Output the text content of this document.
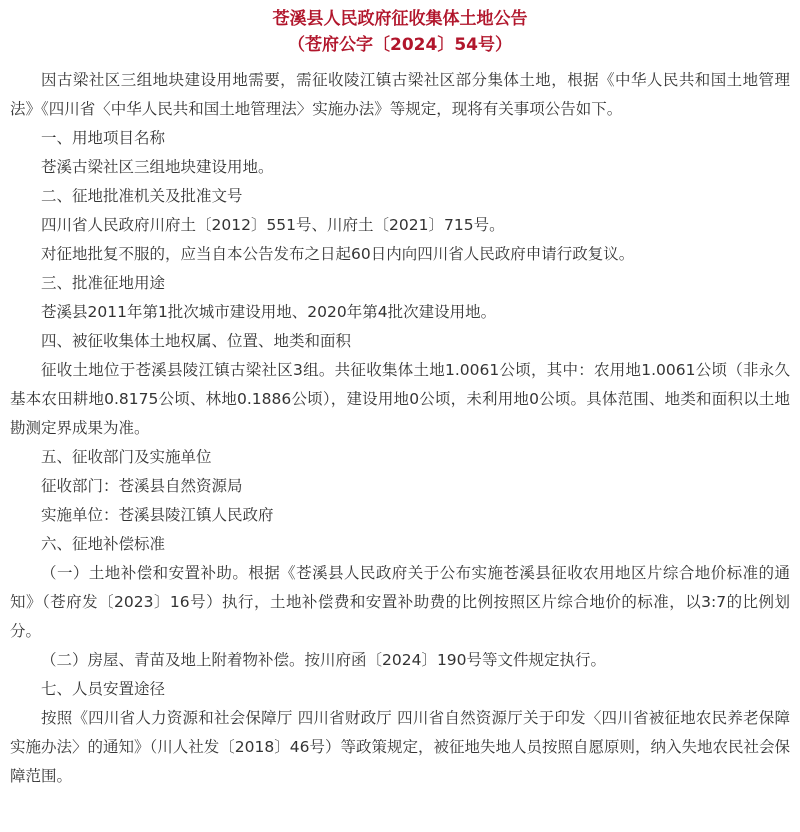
苍溪县人民政府征收集体土地公告
（苍府公字〔2024〕54号）

因古梁社区三组地块建设用地需要，需征收陵江镇古梁社区部分集体土地，根据《中华人民共和国土地管理法》《四川省〈中华人民共和国土地管理法〉实施办法》等规定，现将有关事项公告如下。

一、用地项目名称

苍溪古梁社区三组地块建设用地。

二、征地批准机关及批准文号

四川省人民政府川府土〔2012〕551号、川府土〔2021〕715号。

对征地批复不服的，应当自本公告发布之日起60日内向四川省人民政府申请行政复议。

三、批准征地用途

苍溪县2011年第1批次城市建设用地、2020年第4批次建设用地。

四、被征收集体土地权属、位置、地类和面积

征收土地位于苍溪县陵江镇古梁社区3组。共征收集体土地1.0061公顷，其中：农用地1.0061公顷（非永久基本农田耕地0.8175公顷、林地0.1886公顷），建设用地0公顷，未利用地0公顷。具体范围、地类和面积以土地勘测定界成果为准。

五、征收部门及实施单位

征收部门：苍溪县自然资源局

实施单位：苍溪县陵江镇人民政府

六、征地补偿标准

（一）土地补偿和安置补助。根据《苍溪县人民政府关于公布实施苍溪县征收农用地区片综合地价标准的通知》（苍府发〔2023〕16号）执行，土地补偿费和安置补助费的比例按照区片综合地价的标准，以3:7的比例划分。

（二）房屋、青苗及地上附着物补偿。按川府函〔2024〕190号等文件规定执行。

七、人员安置途径

按照《四川省人力资源和社会保障厅 四川省财政厅 四川省自然资源厅关于印发〈四川省被征地农民养老保障实施办法〉的通知》（川人社发〔2018〕46号）等政策规定，被征地失地人员按照自愿原则，纳入失地农民社会保障范围。
